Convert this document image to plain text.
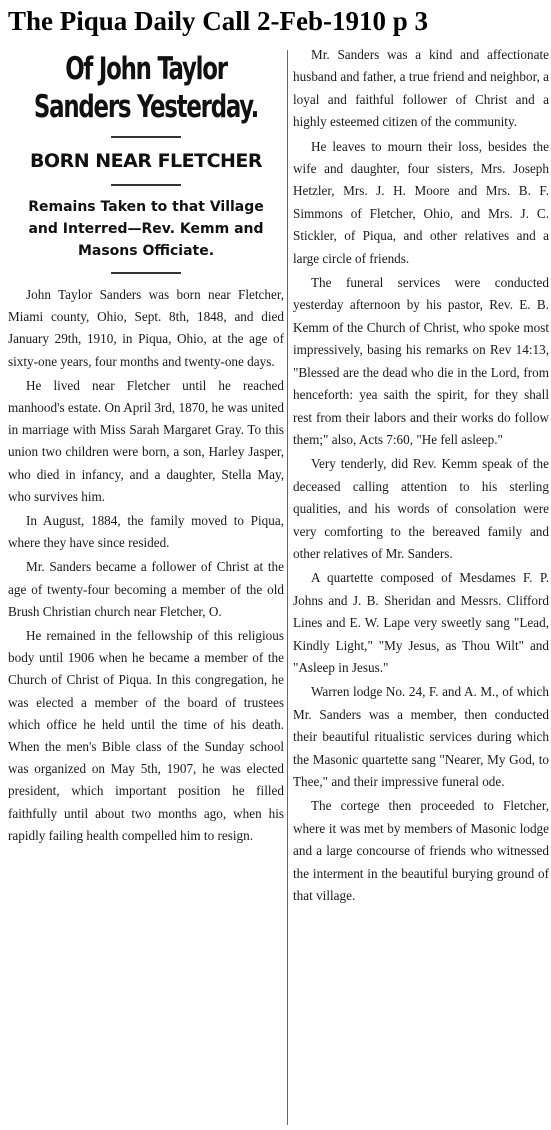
The Piqua Daily Call 2-Feb-1910 p 3
Of John Taylor Sanders Yesterday.
BORN NEAR FLETCHER
Remains Taken to that Village and Interred—Rev. Kemm and Masons Officiate.

John Taylor Sanders was born near Fletcher, Miami county, Ohio, Sept. 8th, 1848, and died January 29th, 1910, in Piqua, Ohio, at the age of sixty-one years, four months and twenty-one days.

He lived near Fletcher until he reached manhood's estate. On April 3rd, 1870, he was united in marriage with Miss Sarah Margaret Gray. To this union two children were born, a son, Harley Jasper, who died in infancy, and a daughter, Stella May, who survives him.

In August, 1884, the family moved to Piqua, where they have since resided.

Mr. Sanders became a follower of Christ at the age of twenty-four becoming a member of the old Brush Christian church near Fletcher, O.

He remained in the fellowship of this religious body until 1906 when he became a member of the Church of Christ of Piqua. In this congregation, he was elected a member of the board of trustees which office he held until the time of his death. When the men's Bible class of the Sunday school was organized on May 5th, 1907, he was elected president, which important position he filled faithfully until about two months ago, when his rapidly failing health compelled him to resign.

Mr. Sanders was a kind and affectionate husband and father, a true friend and neighbor, a loyal and faithful follower of Christ and a highly esteemed citizen of the community.

He leaves to mourn their loss, besides the wife and daughter, four sisters, Mrs. Joseph Hetzler, Mrs. J. H. Moore and Mrs. B. F. Simmons of Fletcher, Ohio, and Mrs. J. C. Stickler, of Piqua, and other relatives and a large circle of friends.

The funeral services were conducted yesterday afternoon by his pastor, Rev. E. B. Kemm of the Church of Christ, who spoke most impressively, basing his remarks on Rev 14:13, "Blessed are the dead who die in the Lord, from henceforth: yea saith the spirit, for they shall rest from their labors and their works do follow them;" also, Acts 7:60, "He fell asleep."

Very tenderly, did Rev. Kemm speak of the deceased calling attention to his sterling qualities, and his words of consolation were very comforting to the bereaved family and other relatives of Mr. Sanders.

A quartette composed of Mesdames F. P. Johns and J. B. Sheridan and Messrs. Clifford Lines and E. W. Lape very sweetly sang "Lead, Kindly Light," "My Jesus, as Thou Wilt" and "Asleep in Jesus."

Warren lodge No. 24, F. and A. M., of which Mr. Sanders was a member, then conducted their beautiful ritualistic services during which the Masonic quartette sang "Nearer, My God, to Thee," and their impressive funeral ode.

The cortege then proceeded to Fletcher, where it was met by members of Masonic lodge and a large concourse of friends who witnessed the interment in the beautiful burying ground of that village.
